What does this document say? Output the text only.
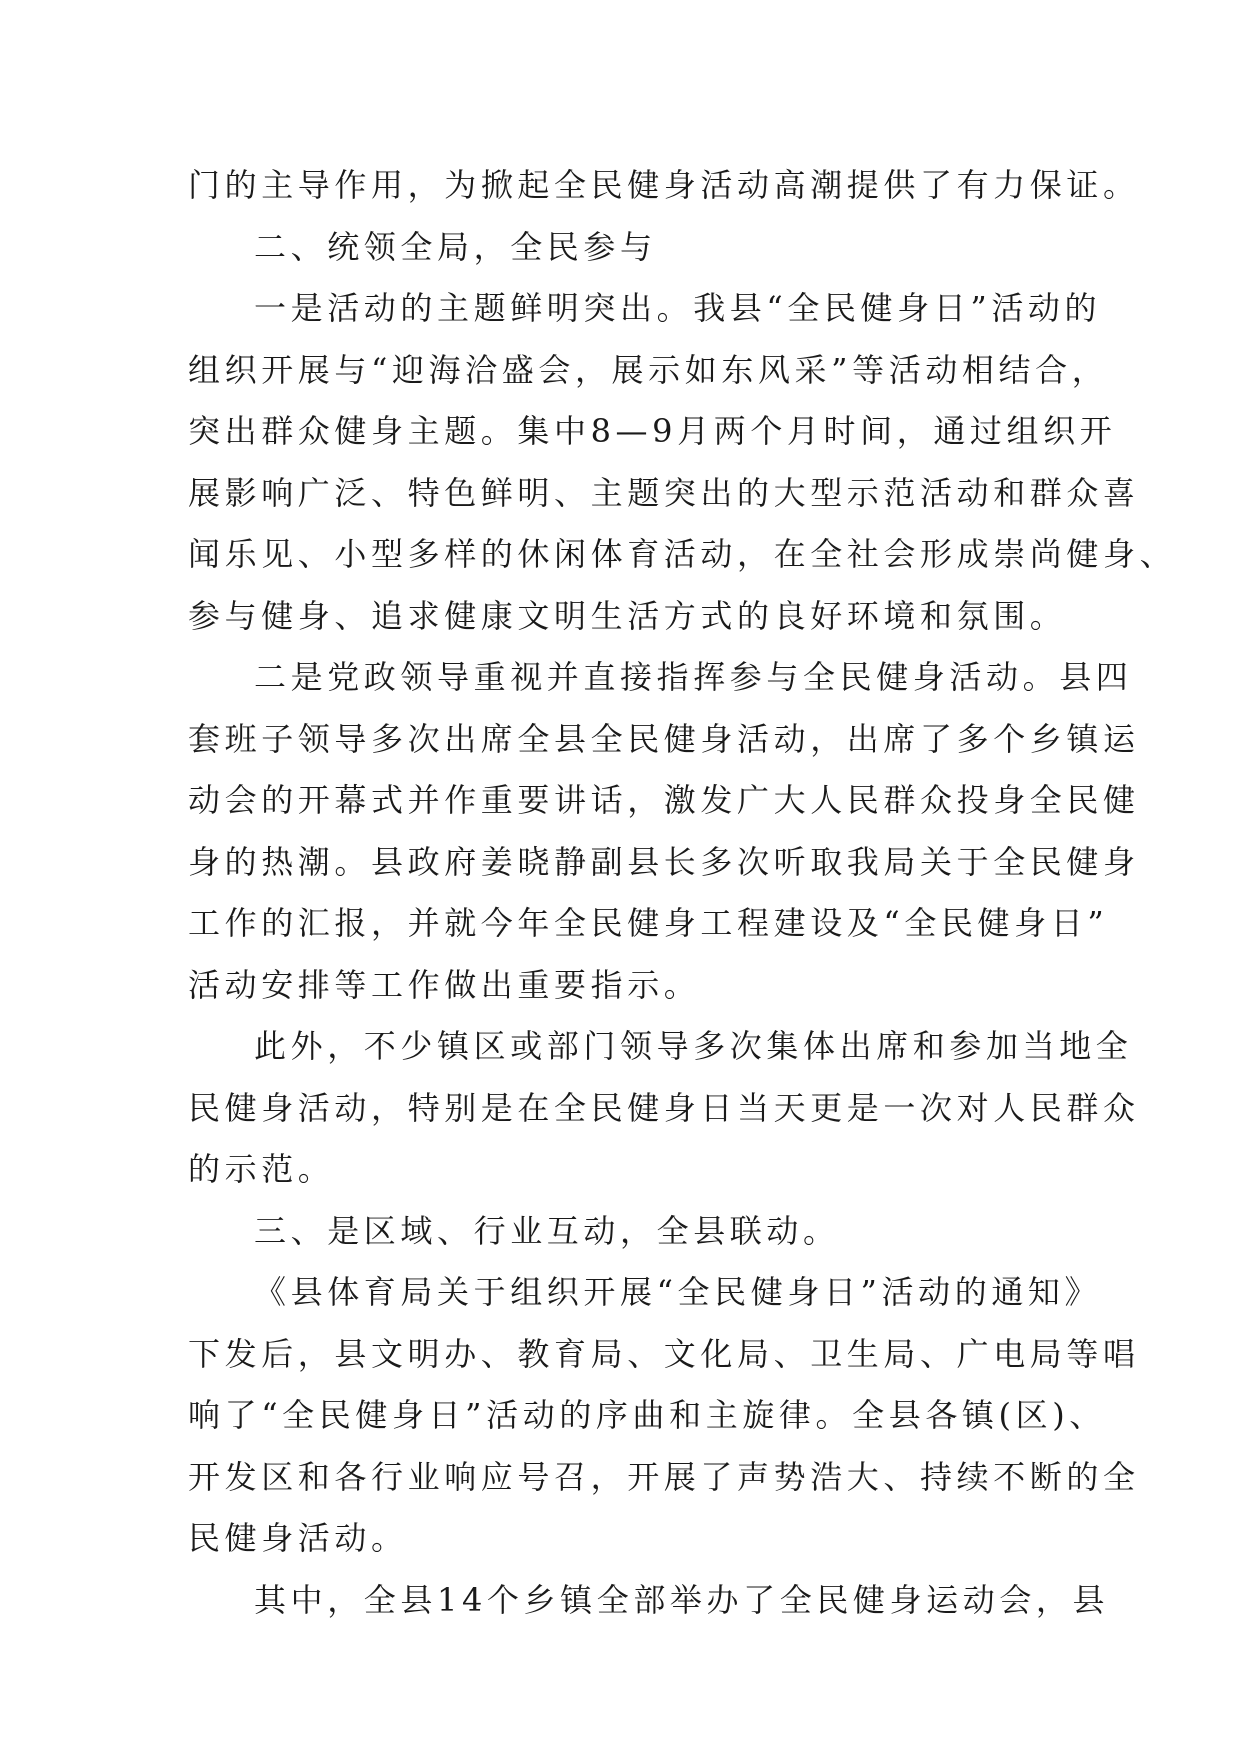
门的主导作用，为掀起全民健身活动高潮提供了有力保证。
二、统领全局，全民参与
一是活动的主题鲜明突出。我县“全民健身日”活动的
组织开展与“迎海洽盛会，展示如东风采”等活动相结合，
突出群众健身主题。集中8—9月两个月时间，通过组织开
展影响广泛、特色鲜明、主题突出的大型示范活动和群众喜
闻乐见、小型多样的休闲体育活动，在全社会形成崇尚健身、
参与健身、追求健康文明生活方式的良好环境和氛围。
二是党政领导重视并直接指挥参与全民健身活动。县四
套班子领导多次出席全县全民健身活动，出席了多个乡镇运
动会的开幕式并作重要讲话，激发广大人民群众投身全民健
身的热潮。县政府姜晓静副县长多次听取我局关于全民健身
工作的汇报，并就今年全民健身工程建设及“全民健身日”
活动安排等工作做出重要指示。
此外，不少镇区或部门领导多次集体出席和参加当地全
民健身活动，特别是在全民健身日当天更是一次对人民群众
的示范。
三、是区域、行业互动，全县联动。
《县体育局关于组织开展“全民健身日”活动的通知》
下发后，县文明办、教育局、文化局、卫生局、广电局等唱
响了“全民健身日”活动的序曲和主旋律。全县各镇(区)、
开发区和各行业响应号召，开展了声势浩大、持续不断的全
民健身活动。
其中，全县14个乡镇全部举办了全民健身运动会，县
